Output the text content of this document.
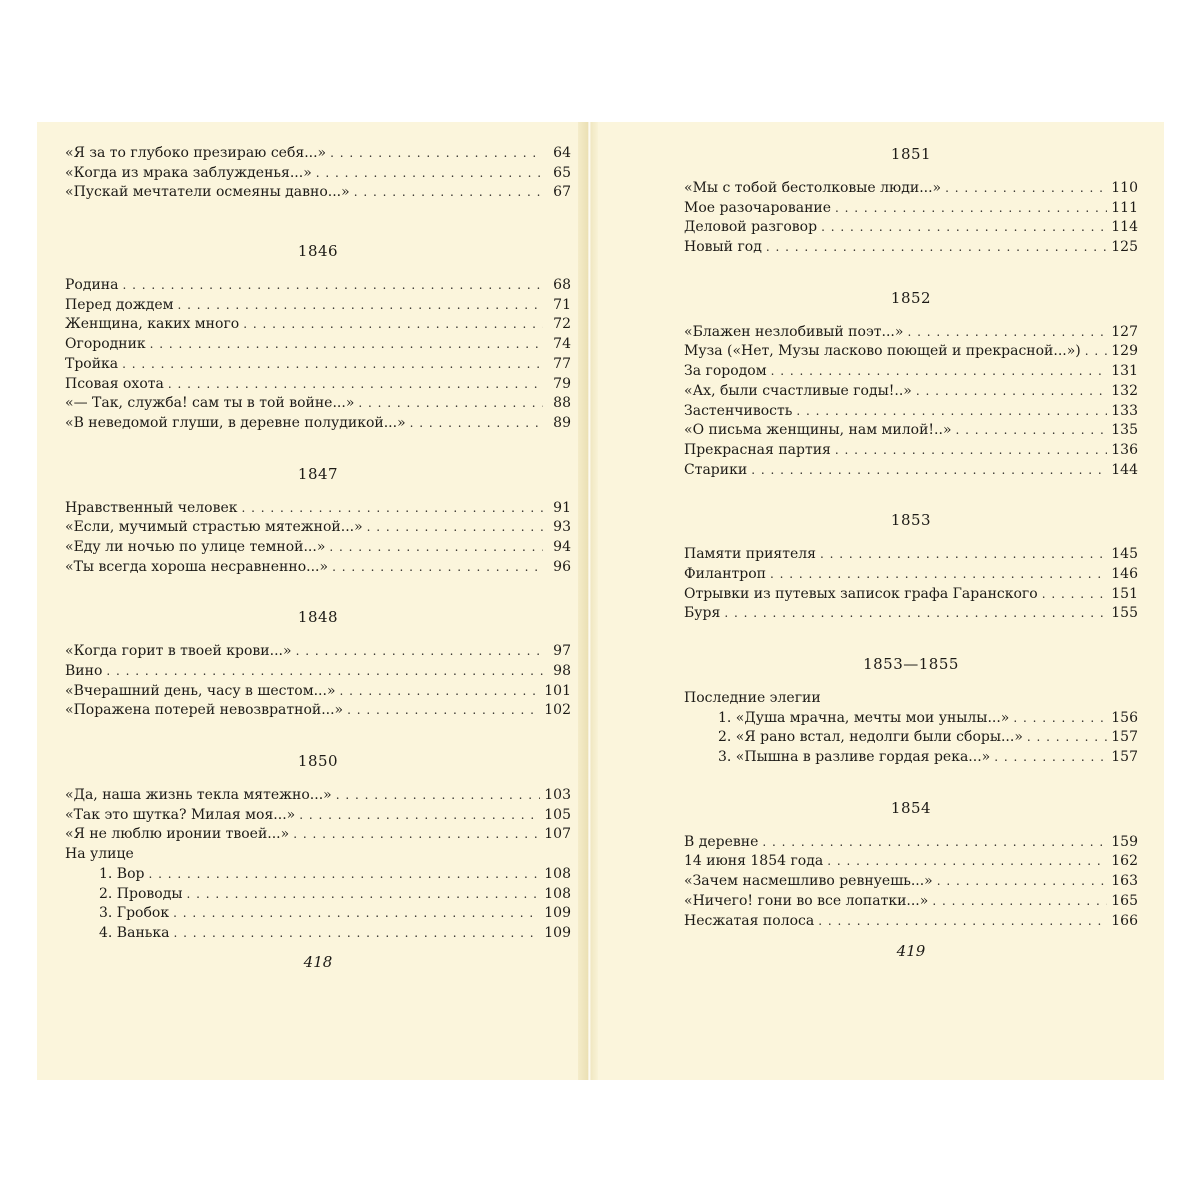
«Я за то глубоко презираю себя...» . . .	64
«Когда из мрака заблужденья...» . . .	65
«Пускай мечтатели осмеяны давно...» . . .	67
1846
Родина . . .	68
Перед дождем . . .	71
Женщина, каких много . . .	72
Огородник . . .	74
Тройка . . .	77
Псовая охота . . .	79
«— Так, служба! сам ты в той войне...» . . .	88
«В неведомой глуши, в деревне полудикой...» . . .	89
1847
Нравственный человек . . .	91
«Если, мучимый страстью мятежной...» . . .	93
«Еду ли ночью по улице темной...» . . .	94
«Ты всегда хороша несравненно...» . . .	96
1848
«Когда горит в твоей крови...» . . .	97
Вино . . .	98
«Вчерашний день, часу в шестом...» . . .	101
«Поражена потерей невозвратной...» . . .	102
1850
«Да, наша жизнь текла мятежно...» . . .	103
«Так это шутка? Милая моя...» . . .	105
«Я не люблю иронии твоей...» . . .	107
На улице
1. Вор . . .	108
2. Проводы . . .	108
3. Гробок . . .	109
4. Ванька . . .	109
418
1851
«Мы с тобой бестолковые люди...» . . .	110
Мое разочарование . . .	111
Деловой разговор . . .	114
Новый год . . .	125
1852
«Блажен незлобивый поэт...» . . .	127
Муза («Нет, Музы ласково поющей и прекрасной...») . . . 129
За городом . . .	131
«Ах, были счастливые годы!..» . . .	132
Застенчивость . . .	133
«О письма женщины, нам милой!..» . . .	135
Прекрасная партия . . .	136
Старики . . .	144
1853
Памяти приятеля . . .	145
Филантроп . . .	146
Отрывки из путевых записок графа Гаранского . . .	151
Буря . . .	155
1853—1855
Последние элегии
1. «Душа мрачна, мечты мои унылы...» . . .	156
2. «Я рано встал, недолги были сборы...» . . .	157
3. «Пышна в разливе гордая река...» . . .	157
1854
В деревне . . .	159
14 июня 1854 года . . .	162
«Зачем насмешливо ревнуешь...» . . .	163
«Ничего! гони во все лопатки...» . . .	165
Несжатая полоса . . .	166
419
